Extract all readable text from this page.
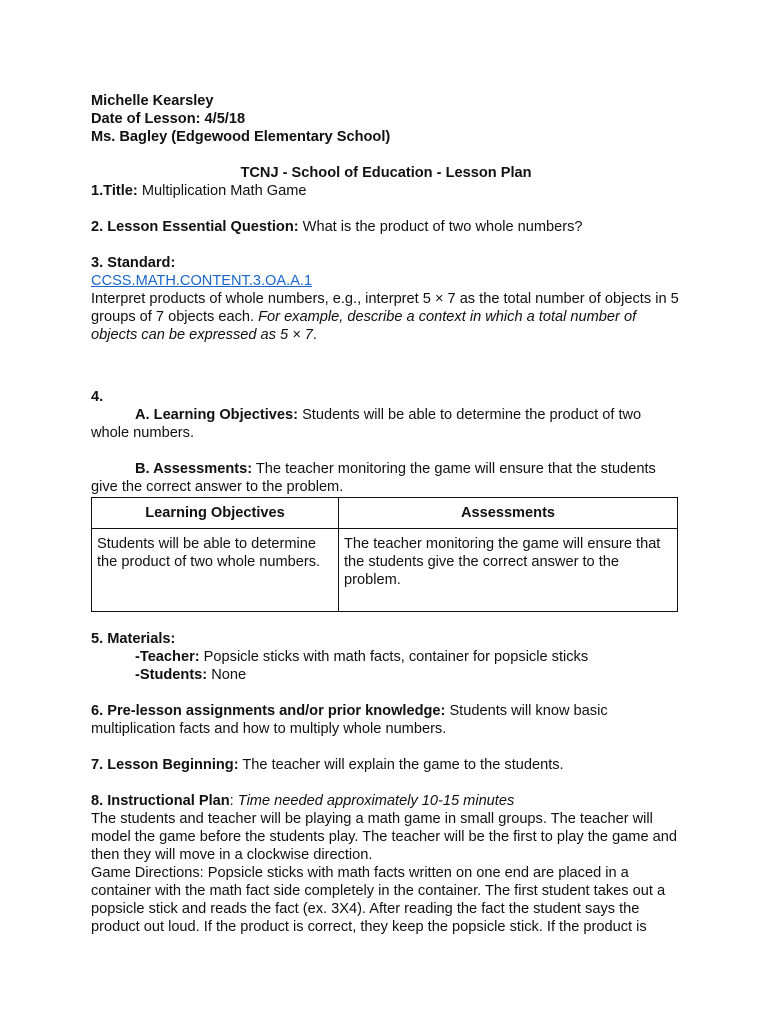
Michelle Kearsley
Date of Lesson: 4/5/18
Ms. Bagley (Edgewood Elementary School)
TCNJ - School of Education - Lesson Plan
1.Title: Multiplication Math Game
2. Lesson Essential Question: What is the product of two whole numbers?
3. Standard:
CCSS.MATH.CONTENT.3.OA.A.1
Interpret products of whole numbers, e.g., interpret 5 × 7 as the total number of objects in 5 groups of 7 objects each. For example, describe a context in which a total number of objects can be expressed as 5 × 7.
4.
A. Learning Objectives: Students will be able to determine the product of two whole numbers.
B. Assessments: The teacher monitoring the game will ensure that the students give the correct answer to the problem.
Learning Objectives	Assessments
Students will be able to determine the product of two whole numbers.	The teacher monitoring the game will ensure that the students give the correct answer to the problem.
5. Materials:
-Teacher: Popsicle sticks with math facts, container for popsicle sticks
-Students: None
6. Pre-lesson assignments and/or prior knowledge: Students will know basic multiplication facts and how to multiply whole numbers.
7. Lesson Beginning: The teacher will explain the game to the students.
8. Instructional Plan: Time needed approximately 10-15 minutes
The students and teacher will be playing a math game in small groups. The teacher will model the game before the students play. The teacher will be the first to play the game and then they will move in a clockwise direction.
Game Directions: Popsicle sticks with math facts written on one end are placed in a container with the math fact side completely in the container. The first student takes out a popsicle stick and reads the fact (ex. 3X4). After reading the fact the student says the product out loud. If the product is correct, they keep the popsicle stick. If the product is
